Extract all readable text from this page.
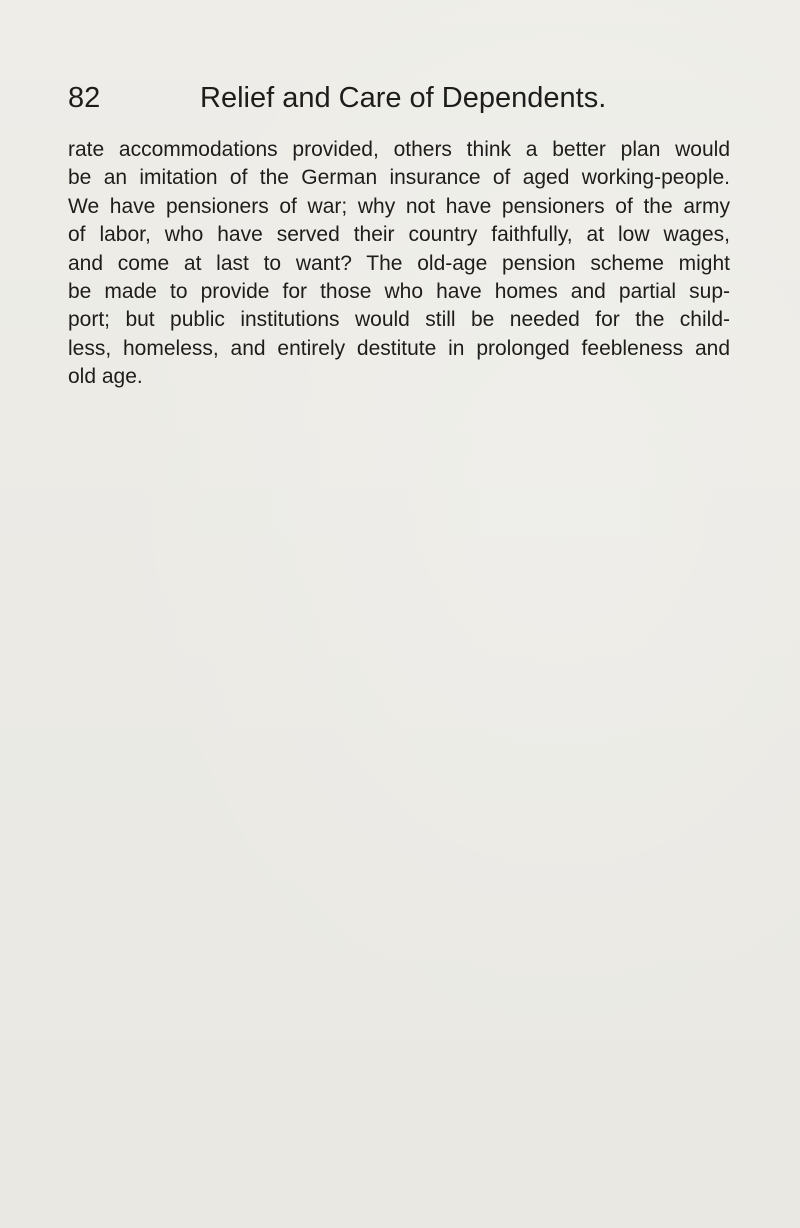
82	Relief and Care of Dependents.
rate accommodations provided, others think a better plan would
be an imitation of the German insurance of aged working-people.
We have pensioners of war; why not have pensioners of the army
of labor, who have served their country faithfully, at low wages,
and come at last to want? The old-age pension scheme might
be made to provide for those who have homes and partial sup-
port; but public institutions would still be needed for the child-
less, homeless, and entirely destitute in prolonged feebleness and
old age.
